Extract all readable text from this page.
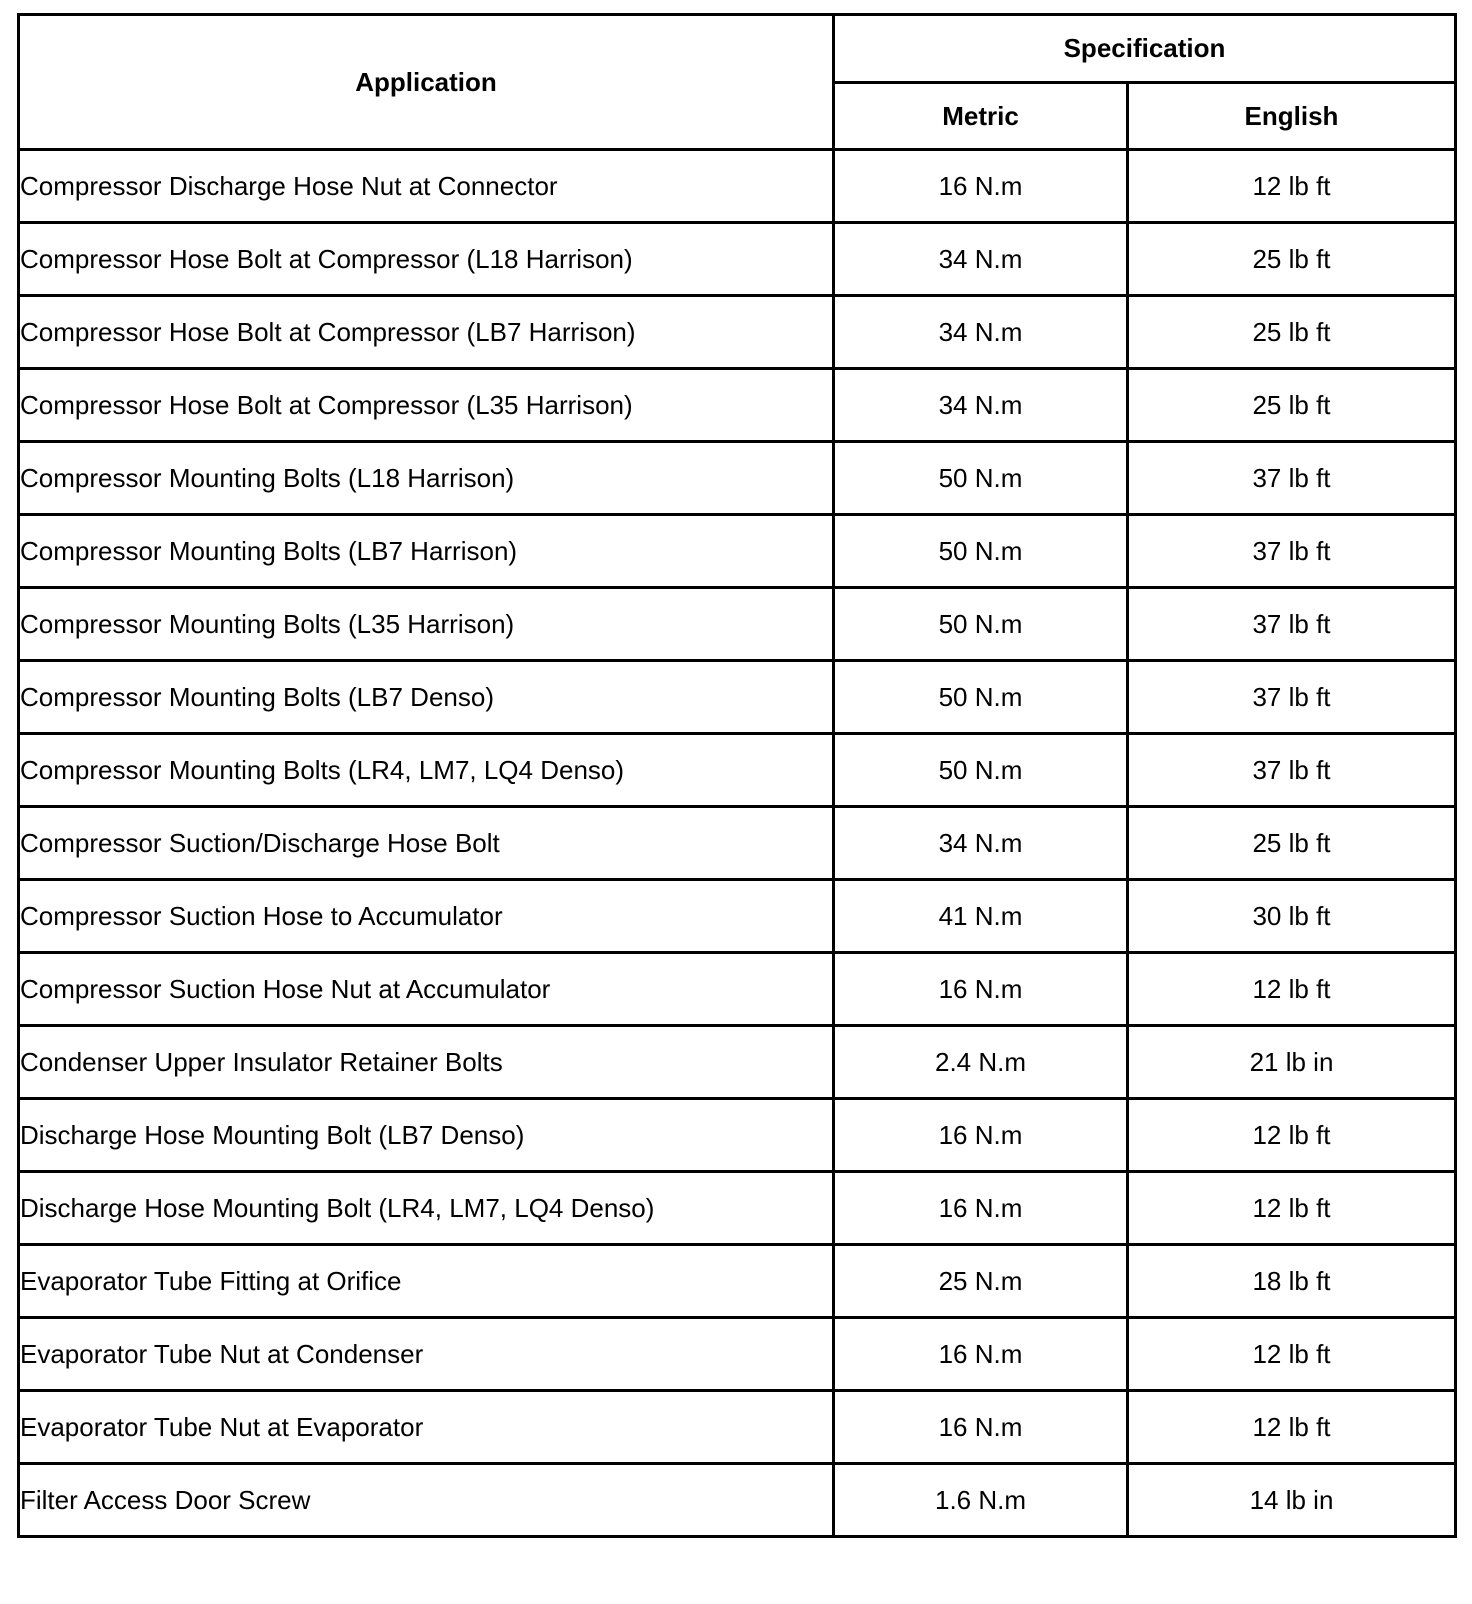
Application	Specification	
	Metric	English
Compressor Discharge Hose Nut at Connector	16 N.m	12 lb ft
Compressor Hose Bolt at Compressor (L18 Harrison)	34 N.m	25 lb ft
Compressor Hose Bolt at Compressor (LB7 Harrison)	34 N.m	25 lb ft
Compressor Hose Bolt at Compressor (L35 Harrison)	34 N.m	25 lb ft
Compressor Mounting Bolts (L18 Harrison)	50 N.m	37 lb ft
Compressor Mounting Bolts (LB7 Harrison)	50 N.m	37 lb ft
Compressor Mounting Bolts (L35 Harrison)	50 N.m	37 lb ft
Compressor Mounting Bolts (LB7 Denso)	50 N.m	37 lb ft
Compressor Mounting Bolts (LR4, LM7, LQ4 Denso)	50 N.m	37 lb ft
Compressor Suction/Discharge Hose Bolt	34 N.m	25 lb ft
Compressor Suction Hose to Accumulator	41 N.m	30 lb ft
Compressor Suction Hose Nut at Accumulator	16 N.m	12 lb ft
Condenser Upper Insulator Retainer Bolts	2.4 N.m	21 lb in
Discharge Hose Mounting Bolt (LB7 Denso)	16 N.m	12 lb ft
Discharge Hose Mounting Bolt (LR4, LM7, LQ4 Denso)	16 N.m	12 lb ft
Evaporator Tube Fitting at Orifice	25 N.m	18 lb ft
Evaporator Tube Nut at Condenser	16 N.m	12 lb ft
Evaporator Tube Nut at Evaporator	16 N.m	12 lb ft
Filter Access Door Screw	1.6 N.m	14 lb in
